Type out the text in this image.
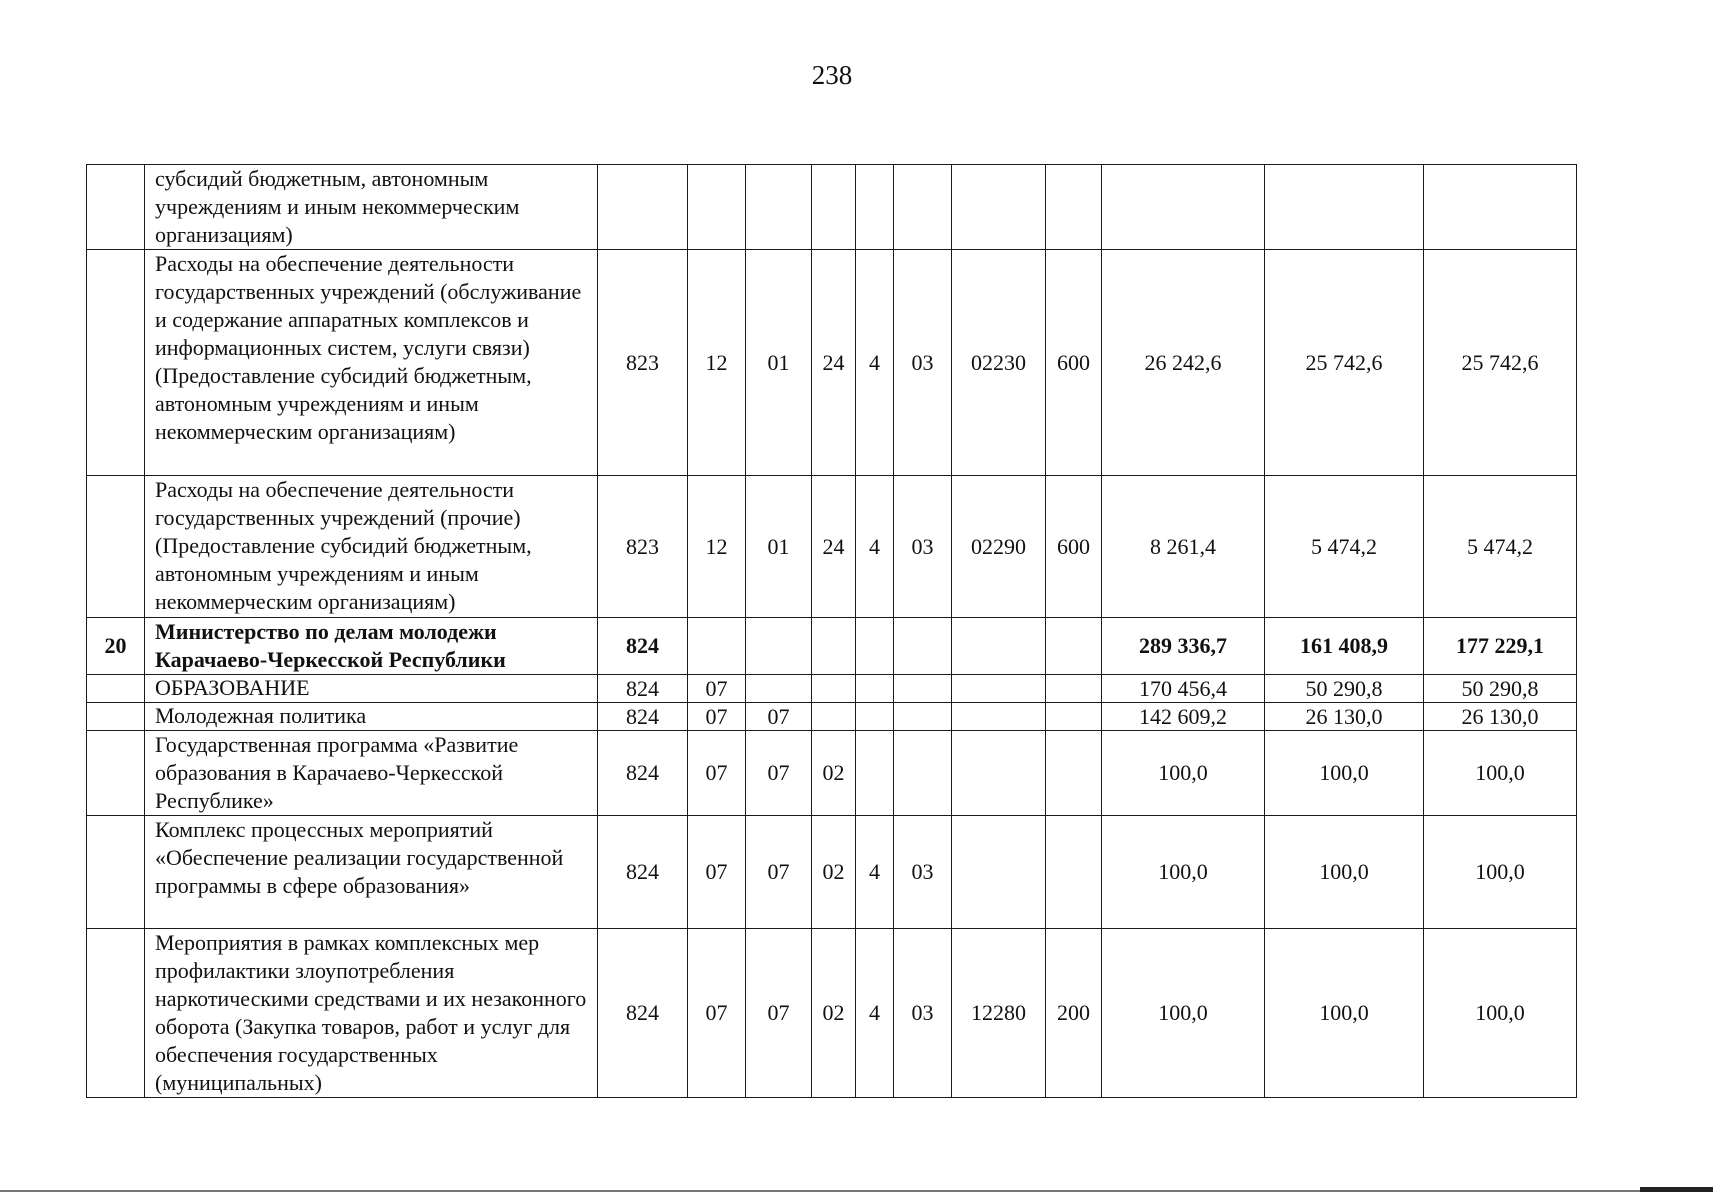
238
	субсидий бюджетным, автономным учреждениям и иным некоммерческим организациям)											
	Расходы на обеспечение деятельности государственных учреждений (обслуживание и содержание аппаратных комплексов и информационных систем, услуги связи) (Предоставление субсидий бюджетным, автономным учреждениям и иным некоммерческим организациям)	823	12	01	24	4	03	02230	600	26 242,6	25 742,6	25 742,6
	Расходы на обеспечение деятельности государственных учреждений (прочие) (Предоставление субсидий бюджетным, автономным учреждениям и иным некоммерческим организациям)	823	12	01	24	4	03	02290	600	8 261,4	5 474,2	5 474,2
20	Министерство по делам молодежи Карачаево-Черкесской Республики	824								289 336,7	161 408,9	177 229,1
	ОБРАЗОВАНИЕ	824	07							170 456,4	50 290,8	50 290,8
	Молодежная политика	824	07	07						142 609,2	26 130,0	26 130,0
	Государственная программа «Развитие образования в Карачаево-Черкесской Республике»	824	07	07	02					100,0	100,0	100,0
	Комплекс процессных мероприятий «Обеспечение реализации государственной программы в сфере образования»	824	07	07	02	4	03			100,0	100,0	100,0
	Мероприятия в рамках комплексных мер профилактики злоупотребления наркотическими средствами и их незаконного оборота (Закупка товаров, работ и услуг для обеспечения государственных (муниципальных)	824	07	07	02	4	03	12280	200	100,0	100,0	100,0
